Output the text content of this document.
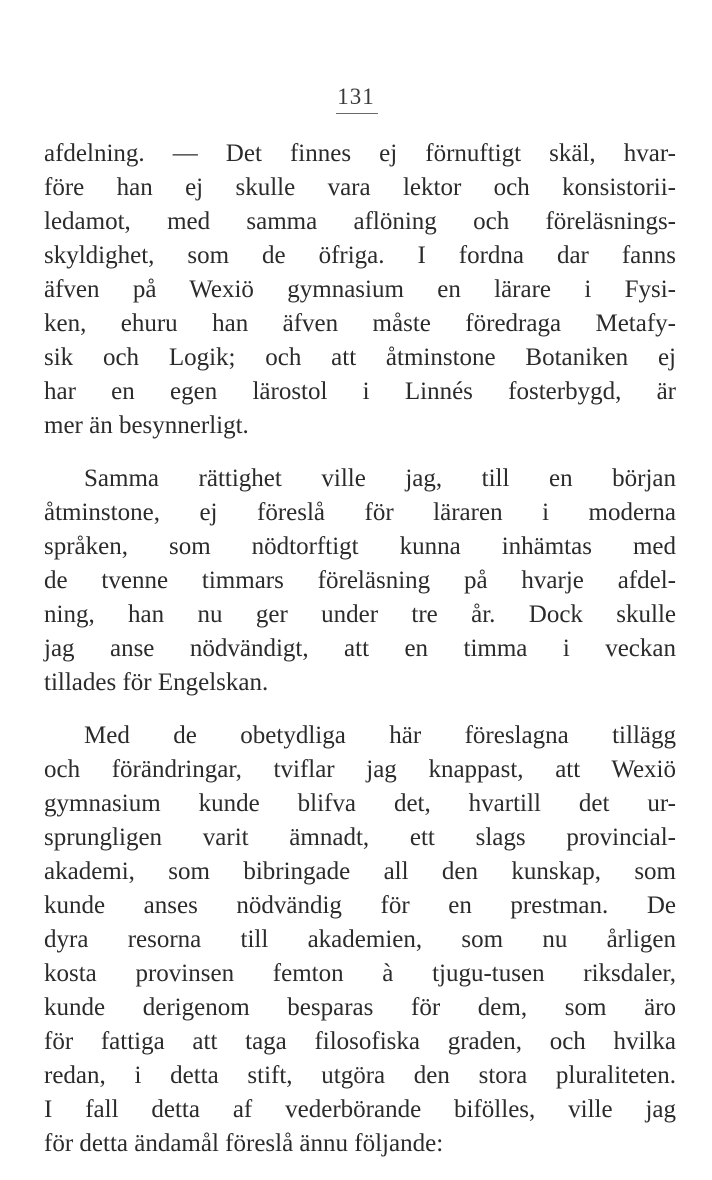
131
afdelning. — Det finnes ej förnuftigt skäl, hvar-
före han ej skulle vara lektor och konsistorii-
ledamot, med samma aflöning och föreläsnings-
skyldighet, som de öfriga. I fordna dar fanns
äfven på Wexiö gymnasium en lärare i Fysi-
ken, ehuru han äfven måste föredraga Metafy-
sik och Logik; och att åtminstone Botaniken ej
har en egen lärostol i Linnés fosterbygd, är
mer än besynnerligt.
Samma rättighet ville jag, till en början
åtminstone, ej föreslå för läraren i moderna
språken, som nödtorftigt kunna inhämtas med
de tvenne timmars föreläsning på hvarje afdel-
ning, han nu ger under tre år. Dock skulle
jag anse nödvändigt, att en timma i veckan
tillades för Engelskan.
Med de obetydliga här föreslagna tillägg
och förändringar, tviflar jag knappast, att Wexiö
gymnasium kunde blifva det, hvartill det ur-
sprungligen varit ämnadt, ett slags provincial-
akademi, som bibringade all den kunskap, som
kunde anses nödvändig för en prestman. De
dyra resorna till akademien, som nu årligen
kosta provinsen femton à tjugu-tusen riksdaler,
kunde derigenom besparas för dem, som äro
för fattiga att taga filosofiska graden, och hvilka
redan, i detta stift, utgöra den stora pluraliteten.
I fall detta af vederbörande bifölles, ville jag
för detta ändamål föreslå ännu följande:
